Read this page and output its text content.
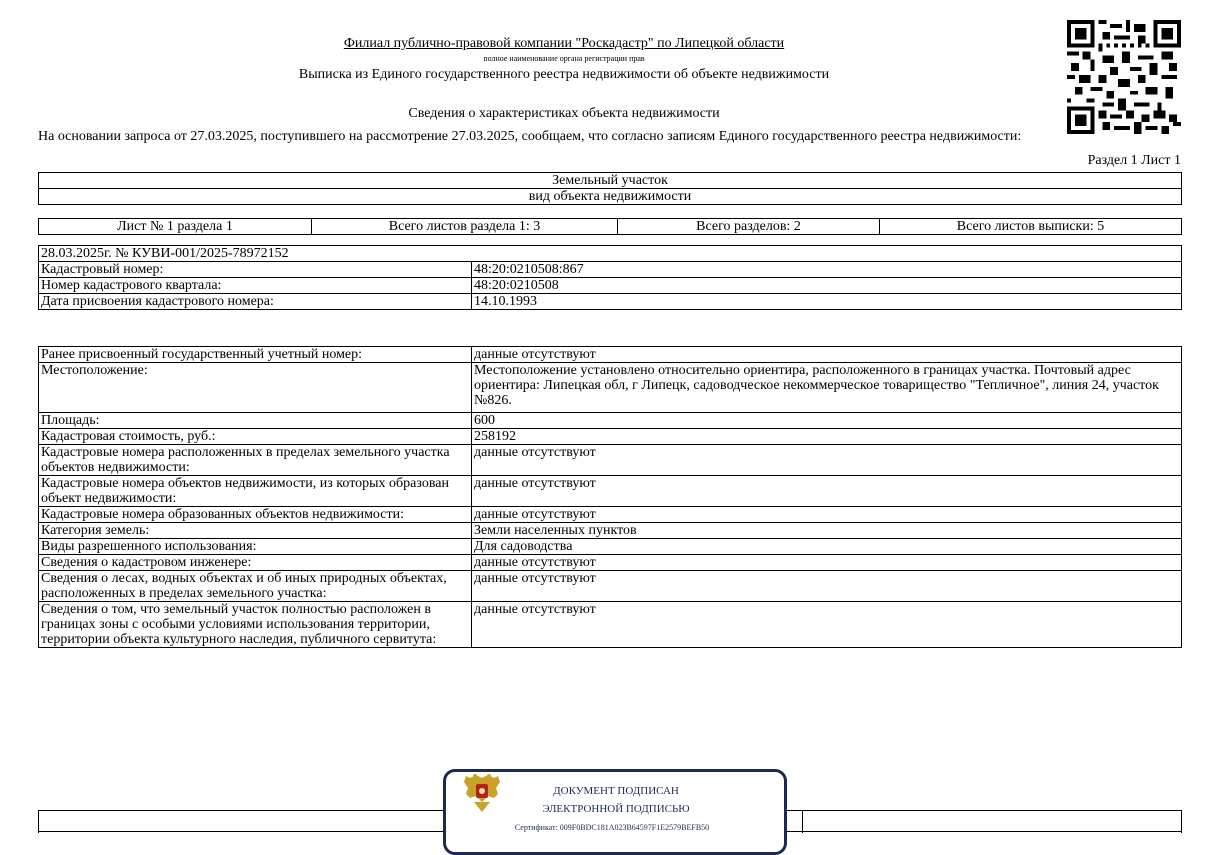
Филиал публично-правовой компании "Роскадастр" по Липецкой области
полное наименование органа регистрации прав
Выписка из Единого государственного реестра недвижимости об объекте недвижимости
Сведения о характеристиках объекта недвижимости
На основании запроса от 27.03.2025, поступившего на рассмотрение 27.03.2025, сообщаем, что согласно записям Единого государственного реестра недвижимости:
Раздел 1 Лист 1
Земельный участок
вид объекта недвижимости
Лист № 1 раздела 1	Всего листов раздела 1: 3	Всего разделов: 2	Всего листов выписки: 5
28.03.2025г. № КУВИ-001/2025-78972152	
Кадастровый номер:	48:20:0210508:867
Номер кадастрового квартала:	48:20:0210508
Дата присвоения кадастрового номера:	14.10.1993
Ранее присвоенный государственный учетный номер:	данные отсутствуют
Местоположение:	Местоположение установлено относительно ориентира, расположенного в границах участка. Почтовый адрес ориентира: Липецкая обл, г Липецк, садоводческое некоммерческое товарищество "Тепличное", линия 24, участок №826.
Площадь:	600
Кадастровая стоимость, руб.:	258192
Кадастровые номера расположенных в пределах земельного участка объектов недвижимости:	данные отсутствуют
Кадастровые номера объектов недвижимости, из которых образован объект недвижимости:	данные отсутствуют
Кадастровые номера образованных объектов недвижимости:	данные отсутствуют
Категория земель:	Земли населенных пунктов
Виды разрешенного использования:	Для садоводства
Сведения о кадастровом инженере:	данные отсутствуют
Сведения о лесах, водных объектах и об иных природных объектах, расположенных в пределах земельного участка:	данные отсутствуют
Сведения о том, что земельный участок полностью расположен в границах зоны с особыми условиями использования территории, территории объекта культурного наследия, публичного сервитута:	данные отсутствуют
ДОКУМЕНТ ПОДПИСАН
ЭЛЕКТРОННОЙ ПОДПИСЬЮ
Сертификат: 009F0BDC181A023B64597F1E2579BEFB50
